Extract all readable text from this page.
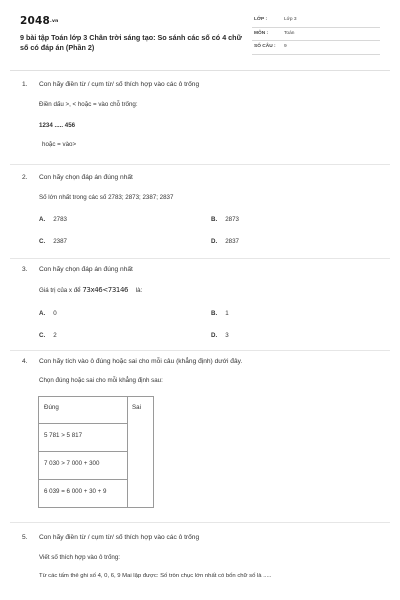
2048.vn
9 bài tập Toán lớp 3 Chân trời sáng tạo: So sánh các số có 4 chữ số có đáp án (Phần 2)
LỚP :	Lớp 3
MÔN :	Toán
SỐ CÂU : 9
1. Con hãy điền từ / cụm từ/ số thích hợp vào các ô trống
Điền dấu >, < hoặc = vào chỗ trống:
1234 ..... 456
hoặc = vào>
2. Con hãy chọn đáp án đúng nhất
Số lớn nhất trong các số 2783; 2873; 2387; 2837
A. 2783	B. 2873
C. 2387	D. 2837
3. Con hãy chọn đáp án đúng nhất
Giá trị của x để 73x46<73146 là:
A. 0	B. 1
C. 2	D. 3
4. Con hãy tích vào ô đúng hoặc sai cho mỗi câu (khẳng định) dưới đây.
Chọn đúng hoặc sai cho mỗi khẳng định sau:
Đúng	Sai
5 781 > 5 817
7 030 > 7 000 + 300
6 039 = 6 000 + 30 + 9
5. Con hãy điền từ / cụm từ/ số thích hợp vào các ô trống
Viết số thích hợp vào ô trống:
Từ các tấm thẻ ghi số 4, 0, 6, 9 Mai lập được: Số tròn chục lớn nhất có bốn chữ số là .....
